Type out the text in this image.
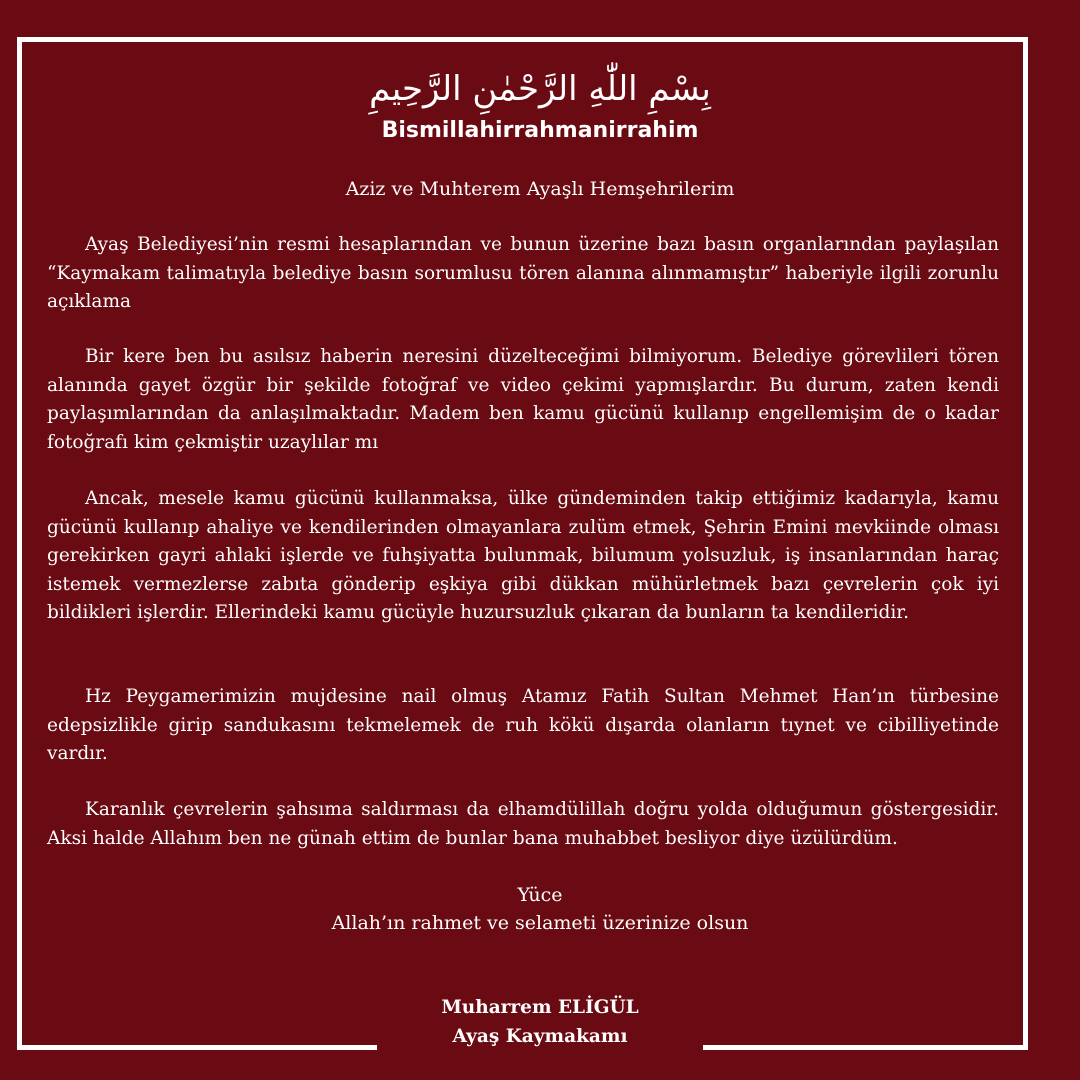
بِسْمِ اللّٰهِ الرَّحْمٰنِ الرَّحِيمِ
Bismillahirrahmanirrahim
Aziz ve Muhterem Ayaşlı Hemşehrilerim

Ayaş Belediyesi’nin resmi hesaplarından ve bunun üzerine bazı basın organlarından paylaşılan “Kaymakam talimatıyla belediye basın sorumlusu tören alanına alınmamıştır” haberiyle ilgili zorunlu açıklama

Bir kere ben bu asılsız haberin neresini düzelteceğimi bilmiyorum. Belediye görevlileri tören alanında gayet özgür bir şekilde fotoğraf ve video çekimi yapmışlardır. Bu durum, zaten kendi paylaşımlarından da anlaşılmaktadır. Madem ben kamu gücünü kullanıp engellemişim de o kadar fotoğrafı kim çekmiştir uzaylılar mı

Ancak, mesele kamu gücünü kullanmaksa, ülke gündeminden takip ettiğimiz kadarıyla, kamu gücünü kullanıp ahaliye ve kendilerinden olmayanlara zulüm etmek, Şehrin Emini mevkiinde olması gerekirken gayri ahlaki işlerde ve fuhşiyatta bulunmak, bilumum yolsuzluk, iş insanlarından haraç istemek vermezlerse zabıta gönderip eşkiya gibi dükkan mühürletmek bazı çevrelerin çok iyi bildikleri işlerdir. Ellerindeki kamu gücüyle huzursuzluk çıkaran da bunların ta kendileridir.

Hz Peygamerimizin mujdesine nail olmuş Atamız Fatih Sultan Mehmet Han’ın türbesine edepsizlikle girip sandukasını tekmelemek de ruh kökü dışarda olanların tıynet ve cibilliyetinde vardır.

Karanlık çevrelerin şahsıma saldırması da elhamdülillah doğru yolda olduğumun göstergesidir. Aksi halde Allahım ben ne günah ettim de bunlar bana muhabbet besliyor diye üzülürdüm.

Yüce
Allah’ın rahmet ve selameti üzerinize olsun
Muharrem ELİGÜL
Ayaş Kaymakamı
